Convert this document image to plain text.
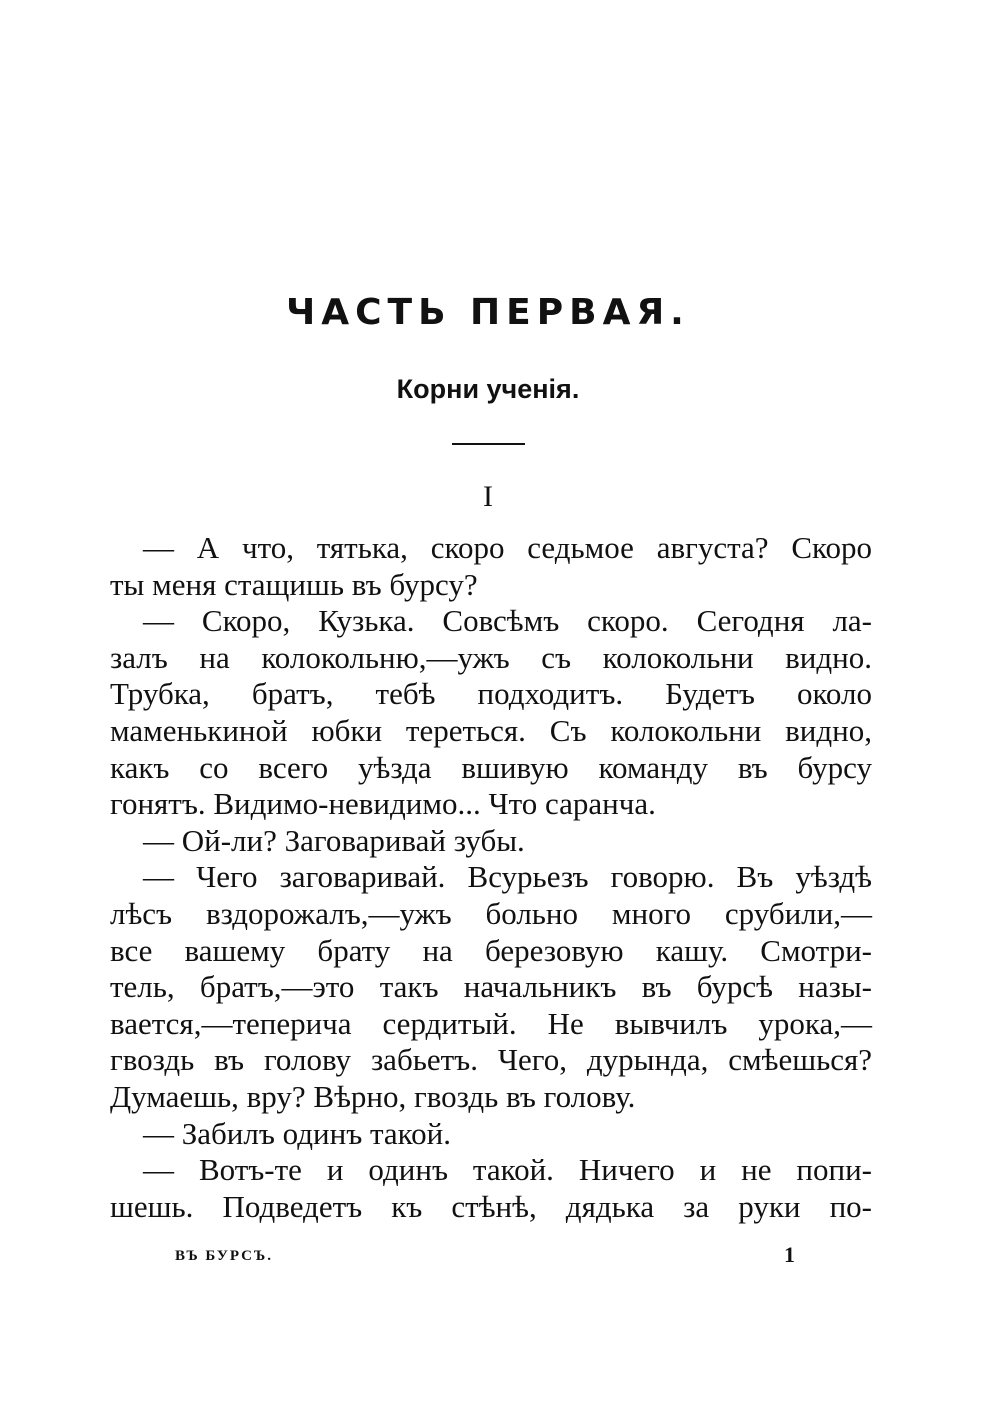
ЧАСТЬ ПЕРВАЯ.
Корни ученія.
I
— А что, тятька, скоро седьмое августа? Скоро
ты меня стащишь въ бурсу?
— Скоро, Кузька. Совсѣмъ скоро. Сегодня ла-
залъ на колокольню,—ужъ съ колокольни видно.
Трубка, братъ, тебѣ подходитъ. Будетъ около
маменькиной юбки тереться. Съ колокольни видно,
какъ со всего уѣзда вшивую команду въ бурсу
гонятъ. Видимо-невидимо... Что саранча.
— Ой-ли? Заговаривай зубы.
— Чего заговаривай. Всурьезъ говорю. Въ уѣздѣ
лѣсъ вздорожалъ,—ужъ больно много срубили,—
все вашему брату на березовую кашу. Смотри-
тель, братъ,—это такъ начальникъ въ бурсѣ назы-
вается,—теперича сердитый. Не вывчилъ урока,—
гвоздь въ голову забьетъ. Чего, дурында, смѣешься?
Думаешь, вру? Вѣрно, гвоздь въ голову.
— Забилъ одинъ такой.
— Вотъ-те и одинъ такой. Ничего и не попи-
шешь. Подведетъ къ стѣнѣ, дядька за руки по-
ВЪ БУРСЪ.	1
